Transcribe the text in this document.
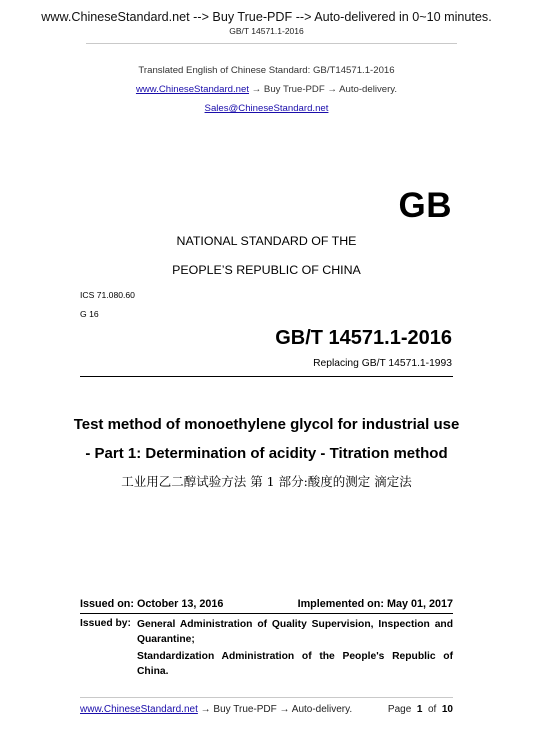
www.ChineseStandard.net --> Buy True-PDF --> Auto-delivered in 0~10 minutes.
GB/T 14571.1-2016
Translated English of Chinese Standard: GB/T14571.1-2016
www.ChineseStandard.net → Buy True-PDF → Auto-delivery.
Sales@ChineseStandard.net
GB
NATIONAL STANDARD OF THE
PEOPLE’S REPUBLIC OF CHINA
ICS 71.080.60
G 16
GB/T 14571.1-2016
Replacing GB/T 14571.1-1993
Test method of monoethylene glycol for industrial use
- Part 1: Determination of acidity - Titration method
工业用乙二醇试验方法 第 1 部分:酸度的测定 滴定法
Issued on: October 13, 2016	Implemented on: May 01, 2017
Issued by: General Administration of Quality Supervision, Inspection and Quarantine;
Standardization Administration of the People's Republic of China.
www.ChineseStandard.net → Buy True-PDF → Auto-delivery.	Page 1 of 10
